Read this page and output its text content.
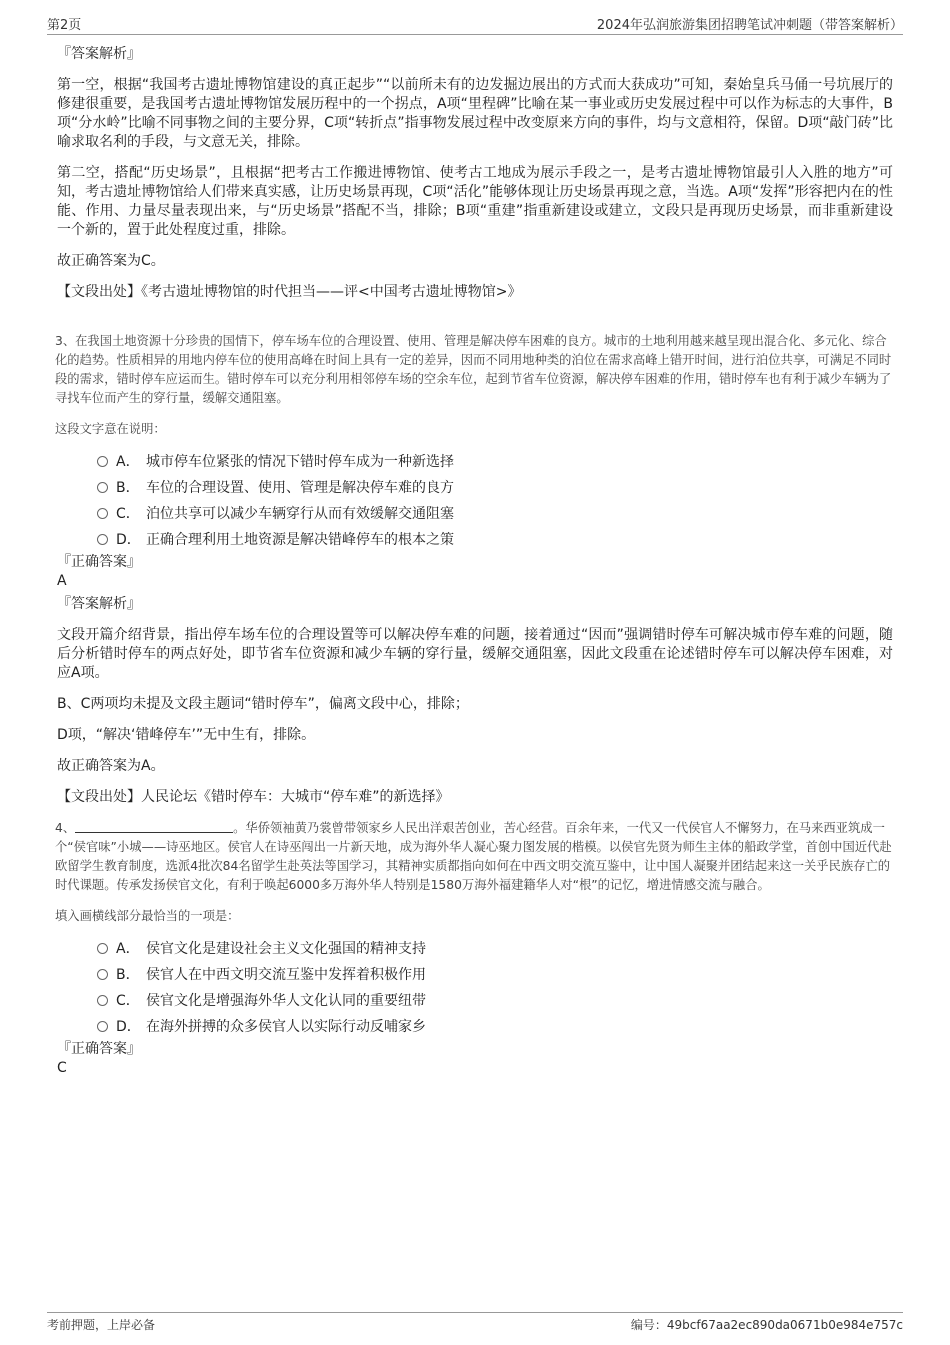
第2页	2024年弘润旅游集团招聘笔试冲刺题（带答案解析）

『答案解析』

第一空，根据“我国考古遗址博物馆建设的真正起步”“以前所未有的边发掘边展出的方式而大获成功”可知，秦始皇兵马俑一号坑展厅的修建很重要，是我国考古遗址博物馆发展历程中的一个拐点，A项“里程碑”比喻在某一事业或历史发展过程中可以作为标志的大事件，B项“分水岭”比喻不同事物之间的主要分界，C项“转折点”指事物发展过程中改变原来方向的事件，均与文意相符，保留。D项“敲门砖”比喻求取名利的手段，与文意无关，排除。

第二空，搭配“历史场景”，且根据“把考古工作搬进博物馆、使考古工地成为展示手段之一，是考古遗址博物馆最引人入胜的地方”可知，考古遗址博物馆给人们带来真实感，让历史场景再现，C项“活化”能够体现让历史场景再现之意，当选。A项“发挥”形容把内在的性能、作用、力量尽量表现出来，与“历史场景”搭配不当，排除；B项“重建”指重新建设或建立，文段只是再现历史场景，而非重新建设一个新的，置于此处程度过重，排除。

故正确答案为C。

【文段出处】《考古遗址博物馆的时代担当——评<中国考古遗址博物馆>》

3、在我国土地资源十分珍贵的国情下，停车场车位的合理设置、使用、管理是解决停车困难的良方。城市的土地利用越来越呈现出混合化、多元化、综合化的趋势。性质相异的用地内停车位的使用高峰在时间上具有一定的差异，因而不同用地种类的泊位在需求高峰上错开时间，进行泊位共享，可满足不同时段的需求，错时停车应运而生。错时停车可以充分利用相邻停车场的空余车位，起到节省车位资源，解决停车困难的作用，错时停车也有利于减少车辆为了寻找车位而产生的穿行量，缓解交通阻塞。

这段文字意在说明：

A． 城市停车位紧张的情况下错时停车成为一种新选择
B． 车位的合理设置、使用、管理是解决停车难的良方
C． 泊位共享可以减少车辆穿行从而有效缓解交通阻塞
D． 正确合理利用土地资源是解决错峰停车的根本之策

『正确答案』

A

『答案解析』

文段开篇介绍背景，指出停车场车位的合理设置等可以解决停车难的问题，接着通过“因而”强调错时停车可解决城市停车难的问题，随后分析错时停车的两点好处，即节省车位资源和减少车辆的穿行量，缓解交通阻塞，因此文段重在论述错时停车可以解决停车困难，对应A项。

B、C两项均未提及文段主题词“错时停车”，偏离文段中心，排除；

D项，“解决‘错峰停车’”无中生有，排除。

故正确答案为A。

【文段出处】人民论坛《错时停车：大城市“停车难”的新选择》

4、	。华侨领袖黄乃裳曾带领家乡人民出洋艰苦创业，苦心经营。百余年来，一代又一代侯官人不懈努力，在马来西亚筑成一个“侯官味”小城——诗巫地区。侯官人在诗巫闯出一片新天地，成为海外华人凝心聚力图发展的楷模。以侯官先贤为师生主体的船政学堂，首创中国近代赴欧留学生教育制度，选派4批次84名留学生赴英法等国学习，其精神实质都指向如何在中西文明交流互鉴中，让中国人凝聚并团结起来这一关乎民族存亡的时代课题。传承发扬侯官文化，有利于唤起6000多万海外华人特别是1580万海外福建籍华人对“根”的记忆，增进情感交流与融合。

填入画横线部分最恰当的一项是：

A． 侯官文化是建设社会主义文化强国的精神支持
B． 侯官人在中西文明交流互鉴中发挥着积极作用
C． 侯官文化是增强海外华人文化认同的重要纽带
D． 在海外拼搏的众多侯官人以实际行动反哺家乡

『正确答案』

C

考前押题，上岸必备	编号：49bcf67aa2ec890da0671b0e984e757c
